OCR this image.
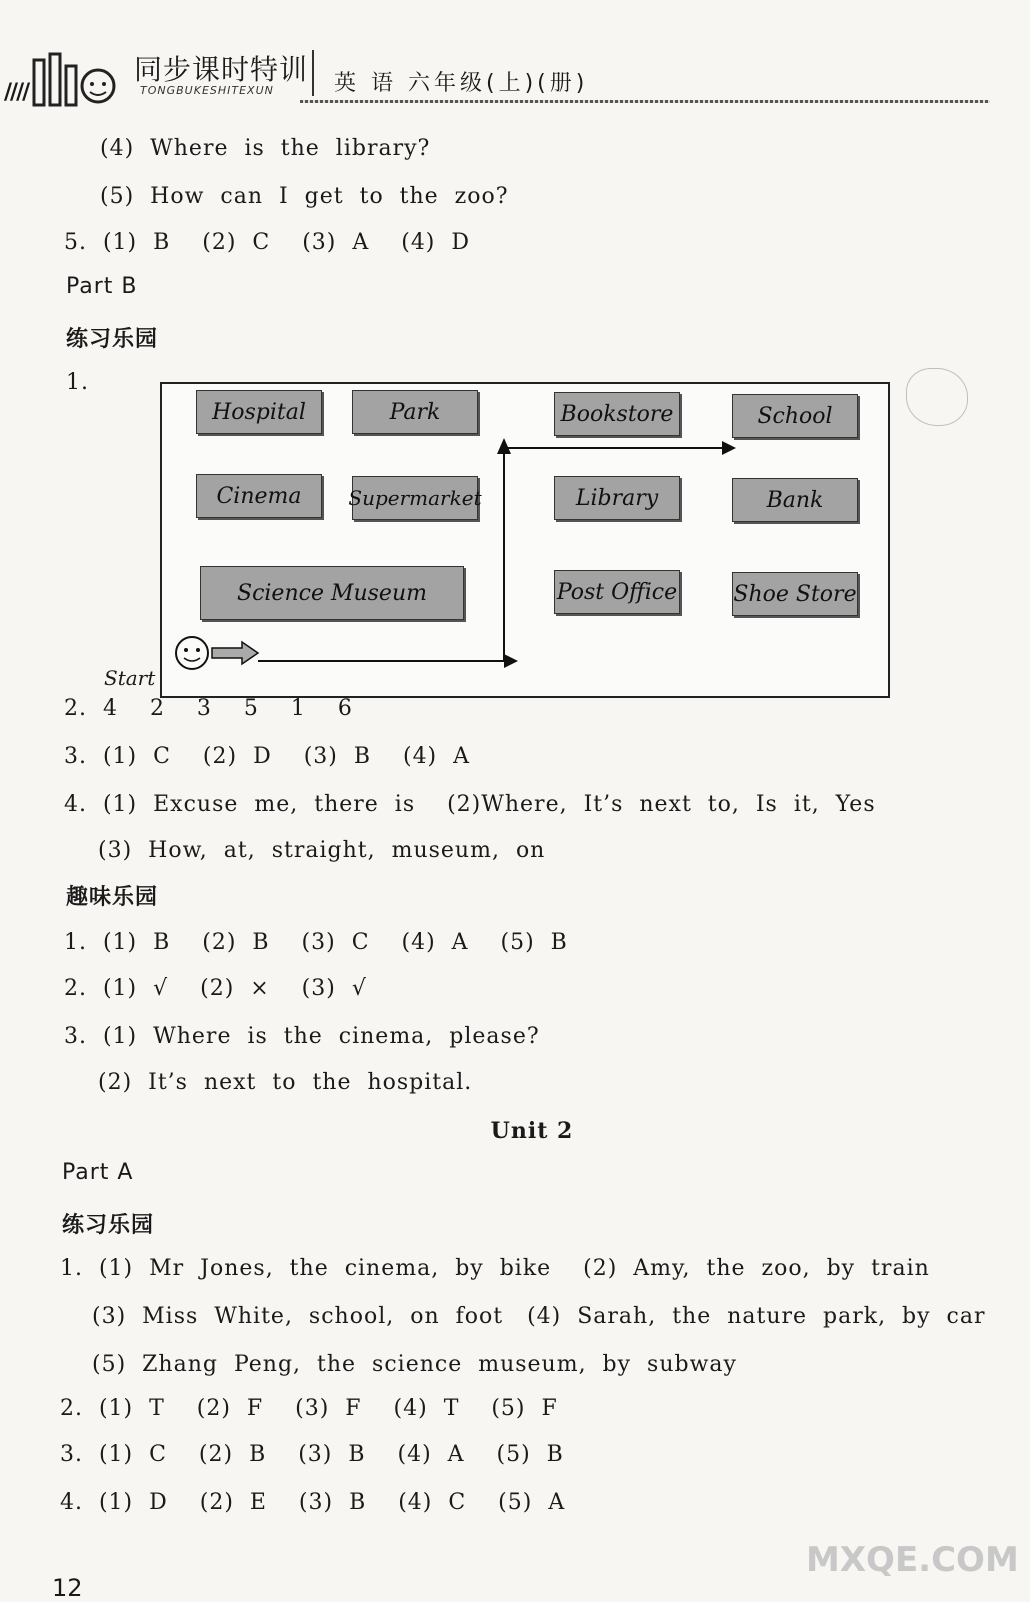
////
同步课时特训
TONGBUKESHITEXUN	英 语 六年级(上)(册)
(4)  Where  is  the  library?
(5)  How  can  I  get  to  the  zoo?
5.  (1)  B    (2)  C    (3)  A    (4)  D
Part B
练习乐园
1.
Hospital	Park	Bookstore	School
Cinema	Supermarket	Library	Bank
Science Museum	Post Office	Shoe Store
Start
2.  4    2    3    5    1    6
3.  (1)  C    (2)  D    (3)  B    (4)  A
4.  (1)  Excuse  me,  there  is    (2)Where,  It’s  next  to,  Is  it,  Yes
(3)  How,  at,  straight,  museum,  on
趣味乐园
1.  (1)  B    (2)  B    (3)  C    (4)  A    (5)  B
2.  (1)  √    (2)  ×    (3)  √
3.  (1)  Where  is  the  cinema,  please?
(2)  It’s  next  to  the  hospital.
Unit 2
Part A
练习乐园
1.  (1)  Mr  Jones,  the  cinema,  by  bike    (2)  Amy,  the  zoo,  by  train
(3)  Miss  White,  school,  on  foot   (4)  Sarah,  the  nature  park,  by  car
(5)  Zhang  Peng,  the  science  museum,  by  subway
2.  (1)  T    (2)  F    (3)  F    (4)  T    (5)  F
3.  (1)  C    (2)  B    (3)  B    (4)  A    (5)  B
4.  (1)  D    (2)  E    (3)  B    (4)  C    (5)  A
12
MXQE.COM
